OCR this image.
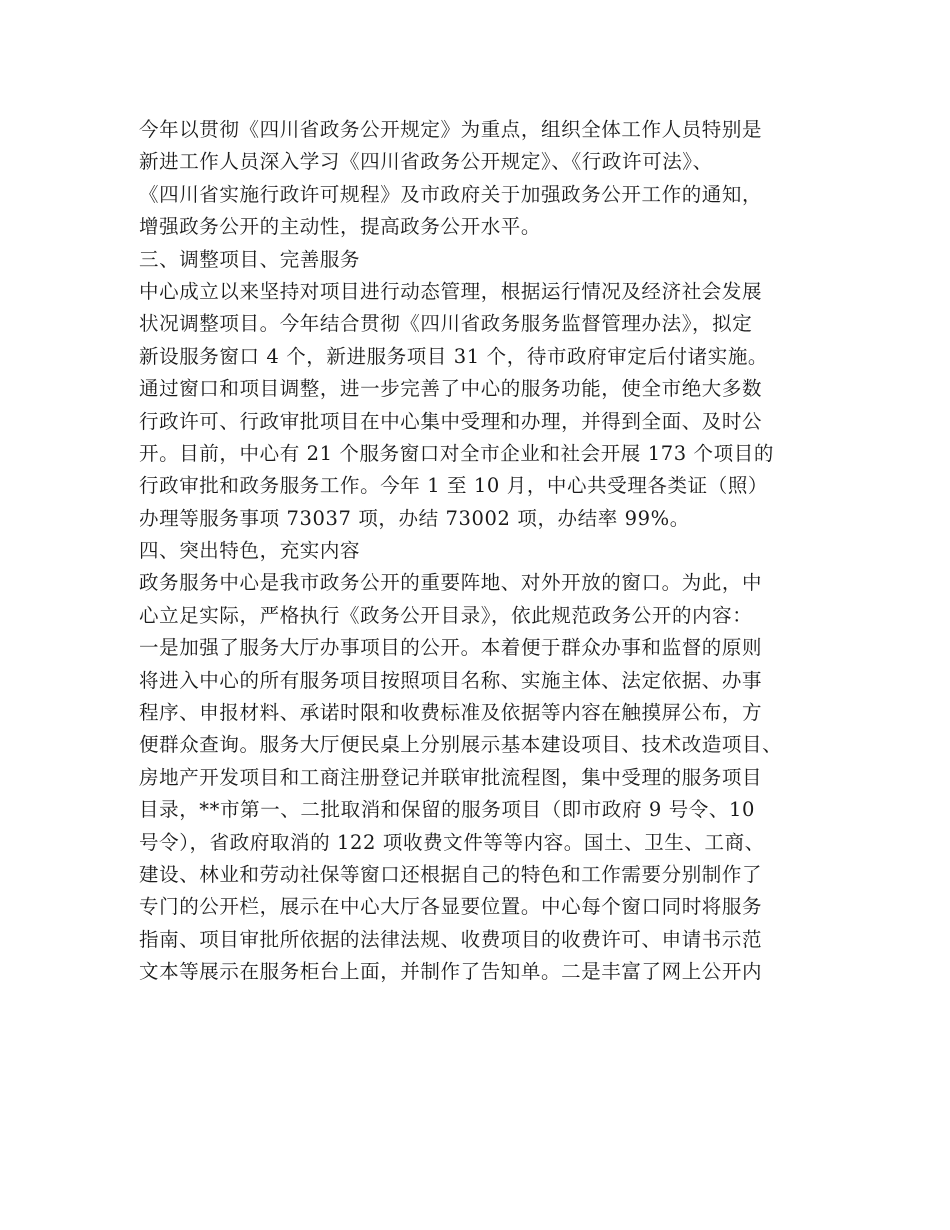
今年以贯彻《四川省政务公开规定》为重点，组织全体工作人员特别是
新进工作人员深入学习《四川省政务公开规定》、《行政许可法》、
《四川省实施行政许可规程》及市政府关于加强政务公开工作的通知，
增强政务公开的主动性，提高政务公开水平。
三、调整项目、完善服务
中心成立以来坚持对项目进行动态管理，根据运行情况及经济社会发展
状况调整项目。今年结合贯彻《四川省政务服务监督管理办法》，拟定
新设服务窗口 4 个，新进服务项目 31 个，待市政府审定后付诸实施。
通过窗口和项目调整，进一步完善了中心的服务功能，使全市绝大多数
行政许可、行政审批项目在中心集中受理和办理，并得到全面、及时公
开。目前，中心有 21 个服务窗口对全市企业和社会开展 173 个项目的
行政审批和政务服务工作。今年 1 至 10 月，中心共受理各类证（照）
办理等服务事项 73037 项，办结 73002 项，办结率 99%。
四、突出特色，充实内容
政务服务中心是我市政务公开的重要阵地、对外开放的窗口。为此，中
心立足实际，严格执行《政务公开目录》，依此规范政务公开的内容：
一是加强了服务大厅办事项目的公开。本着便于群众办事和监督的原则
将进入中心的所有服务项目按照项目名称、实施主体、法定依据、办事
程序、申报材料、承诺时限和收费标准及依据等内容在触摸屏公布，方
便群众查询。服务大厅便民桌上分别展示基本建设项目、技术改造项目、
房地产开发项目和工商注册登记并联审批流程图，集中受理的服务项目
目录，**市第一、二批取消和保留的服务项目（即市政府 9 号令、10
号令），省政府取消的 122 项收费文件等等内容。国土、卫生、工商、
建设、林业和劳动社保等窗口还根据自己的特色和工作需要分别制作了
专门的公开栏，展示在中心大厅各显要位置。中心每个窗口同时将服务
指南、项目审批所依据的法律法规、收费项目的收费许可、申请书示范
文本等展示在服务柜台上面，并制作了告知单。二是丰富了网上公开内
